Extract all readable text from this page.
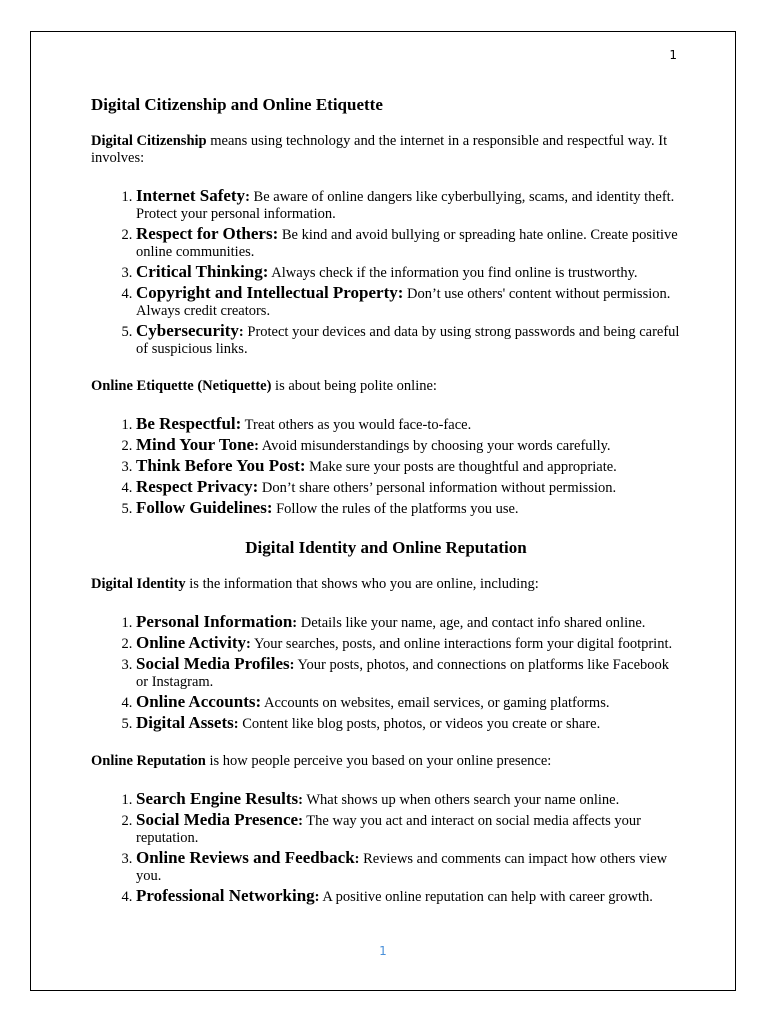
1
Digital Citizenship and Online Etiquette

Digital Citizenship means using technology and the internet in a responsible and respectful way. It involves:

1. Internet Safety: Be aware of online dangers like cyberbullying, scams, and identity theft. Protect your personal information.
2. Respect for Others: Be kind and avoid bullying or spreading hate online. Create positive online communities.
3. Critical Thinking: Always check if the information you find online is trustworthy.
4. Copyright and Intellectual Property: Don’t use others' content without permission. Always credit creators.
5. Cybersecurity: Protect your devices and data by using strong passwords and being careful of suspicious links.

Online Etiquette (Netiquette) is about being polite online:

1. Be Respectful: Treat others as you would face-to-face.
2. Mind Your Tone: Avoid misunderstandings by choosing your words carefully.
3. Think Before You Post: Make sure your posts are thoughtful and appropriate.
4. Respect Privacy: Don’t share others’ personal information without permission.
5. Follow Guidelines: Follow the rules of the platforms you use.
Digital Identity and Online Reputation

Digital Identity is the information that shows who you are online, including:

1. Personal Information: Details like your name, age, and contact info shared online.
2. Online Activity: Your searches, posts, and online interactions form your digital footprint.
3. Social Media Profiles: Your posts, photos, and connections on platforms like Facebook or Instagram.
4. Online Accounts: Accounts on websites, email services, or gaming platforms.
5. Digital Assets: Content like blog posts, photos, or videos you create or share.

Online Reputation is how people perceive you based on your online presence:

1. Search Engine Results: What shows up when others search your name online.
2. Social Media Presence: The way you act and interact on social media affects your reputation.
3. Online Reviews and Feedback: Reviews and comments can impact how others view you.
4. Professional Networking: A positive online reputation can help with career growth.
1
